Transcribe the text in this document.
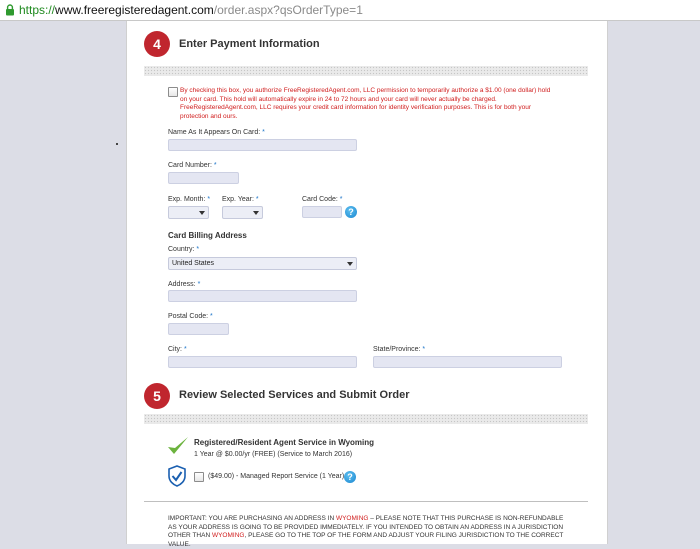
https:// www.freeregisteredagent.com /order.aspx?qsOrderType=1
4	Enter Payment Information
By checking this box, you authorize FreeRegisteredAgent.com, LLC permission to temporarily authorize a $1.00 (one dollar) hold on your card. This hold will automatically expire in 24 to 72 hours and your card will never actually be charged. FreeRegisteredAgent.com, LLC requires your credit card information for identity verification purposes. This is for both your protection and ours.
Name As It Appears On Card: *
Card Number: *
Exp. Month: * Exp. Year: *	Card Code: *
?
Card Billing Address
Country: *
United States
Address: *
Postal Code: *
City: *	State/Province: *
5	Review Selected Services and Submit Order
Registered/Resident Agent Service in Wyoming
1 Year @ $0.00/yr (FREE) (Service to March 2016)
($49.00) - Managed Report Service (1 Year) ?
IMPORTANT: YOU ARE PURCHASING AN ADDRESS IN WYOMING – PLEASE NOTE THAT THIS PURCHASE IS NON-REFUNDABLE AS YOUR ADDRESS IS GOING TO BE PROVIDED IMMEDIATELY. IF YOU INTENDED TO OBTAIN AN ADDRESS IN A JURISDICTION OTHER THAN WYOMING, PLEASE GO TO THE TOP OF THE FORM AND ADJUST YOUR FILING JURISDICTION TO THE CORRECT VALUE.
